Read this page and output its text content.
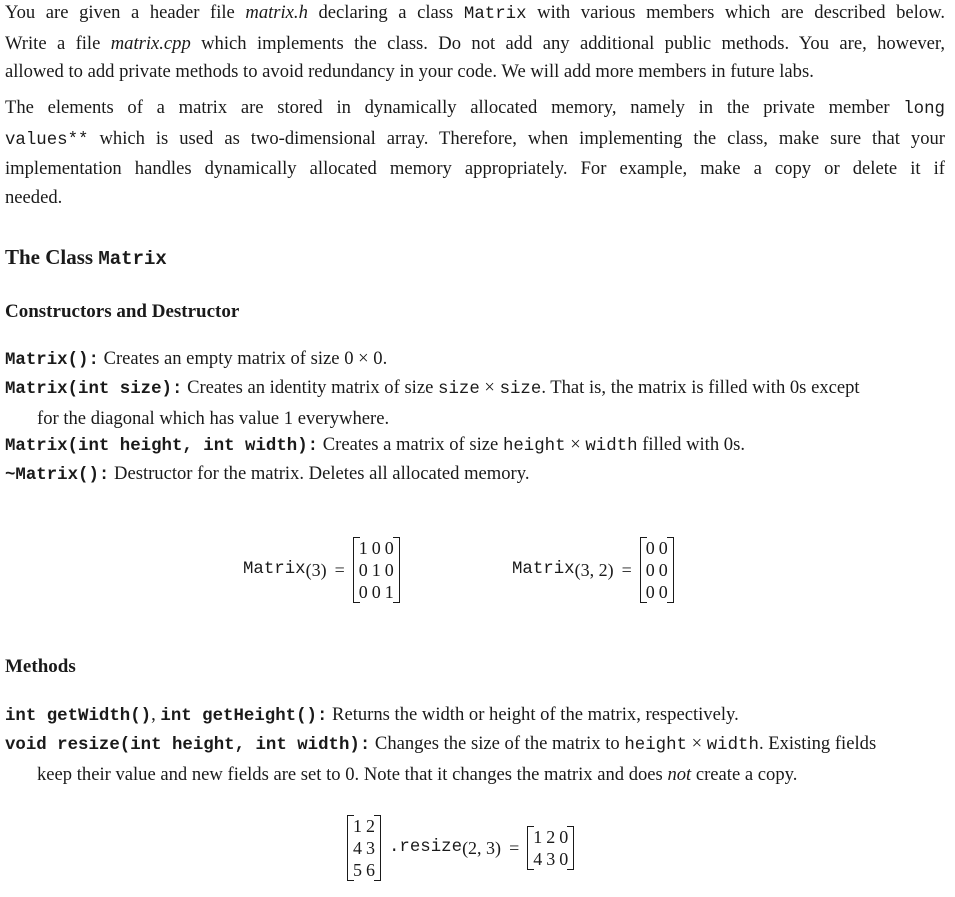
You are given a header file matrix.h declaring a class Matrix with various members which are described below.
Write a file matrix.cpp which implements the class. Do not add any additional public methods. You are, however,
allowed to add private methods to avoid redundancy in your code. We will add more members in future labs.
The elements of a matrix are stored in dynamically allocated memory, namely in the private member long
values** which is used as two-dimensional array. Therefore, when implementing the class, make sure that your
implementation handles dynamically allocated memory appropriately. For example, make a copy or delete it if
needed.
The Class Matrix
Constructors and Destructor
Matrix(): Creates an empty matrix of size 0 × 0.
Matrix(int size): Creates an identity matrix of size size × size. That is, the matrix is filled with 0s except
for the diagonal which has value 1 everywhere.
Matrix(int height, int width): Creates a matrix of size height × width filled with 0s.
~Matrix(): Destructor for the matrix. Deletes all allocated memory.
Matrix (3) =
1	0	0
0	1	0
0	0	1
Matrix (3, 2) =
0	0
0	0
0	0
Methods
int getWidth(), int getHeight(): Returns the width or height of the matrix, respectively.
void resize(int height, int width): Changes the size of the matrix to height × width. Existing fields
keep their value and new fields are set to 0. Note that it changes the matrix and does not create a copy.
1	2
4	3
5	6
.resize (2, 3) =
1	2	0
4	3	0
